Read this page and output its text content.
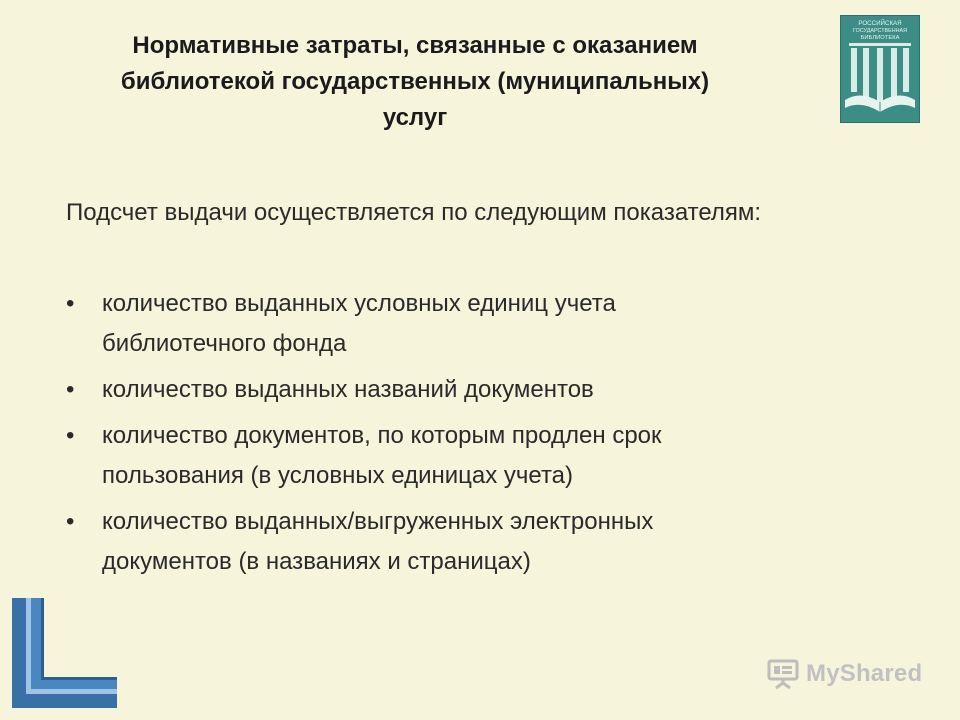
Нормативные затраты, связанные с оказанием
библиотекой государственных (муниципальных)
услуг
РОССИЙСКАЯ
ГОСУДАРСТВЕННАЯ
БИБЛИОТЕКА
Подсчет выдачи осуществляется по следующим показателям:
• количество выданных условных единиц учета
библиотечного фонда
• количество выданных названий документов
• количество документов, по которым продлен срок
пользования (в условных единицах учета)
• количество выданных/выгруженных электронных
документов (в названиях и страницах)
MyShared
